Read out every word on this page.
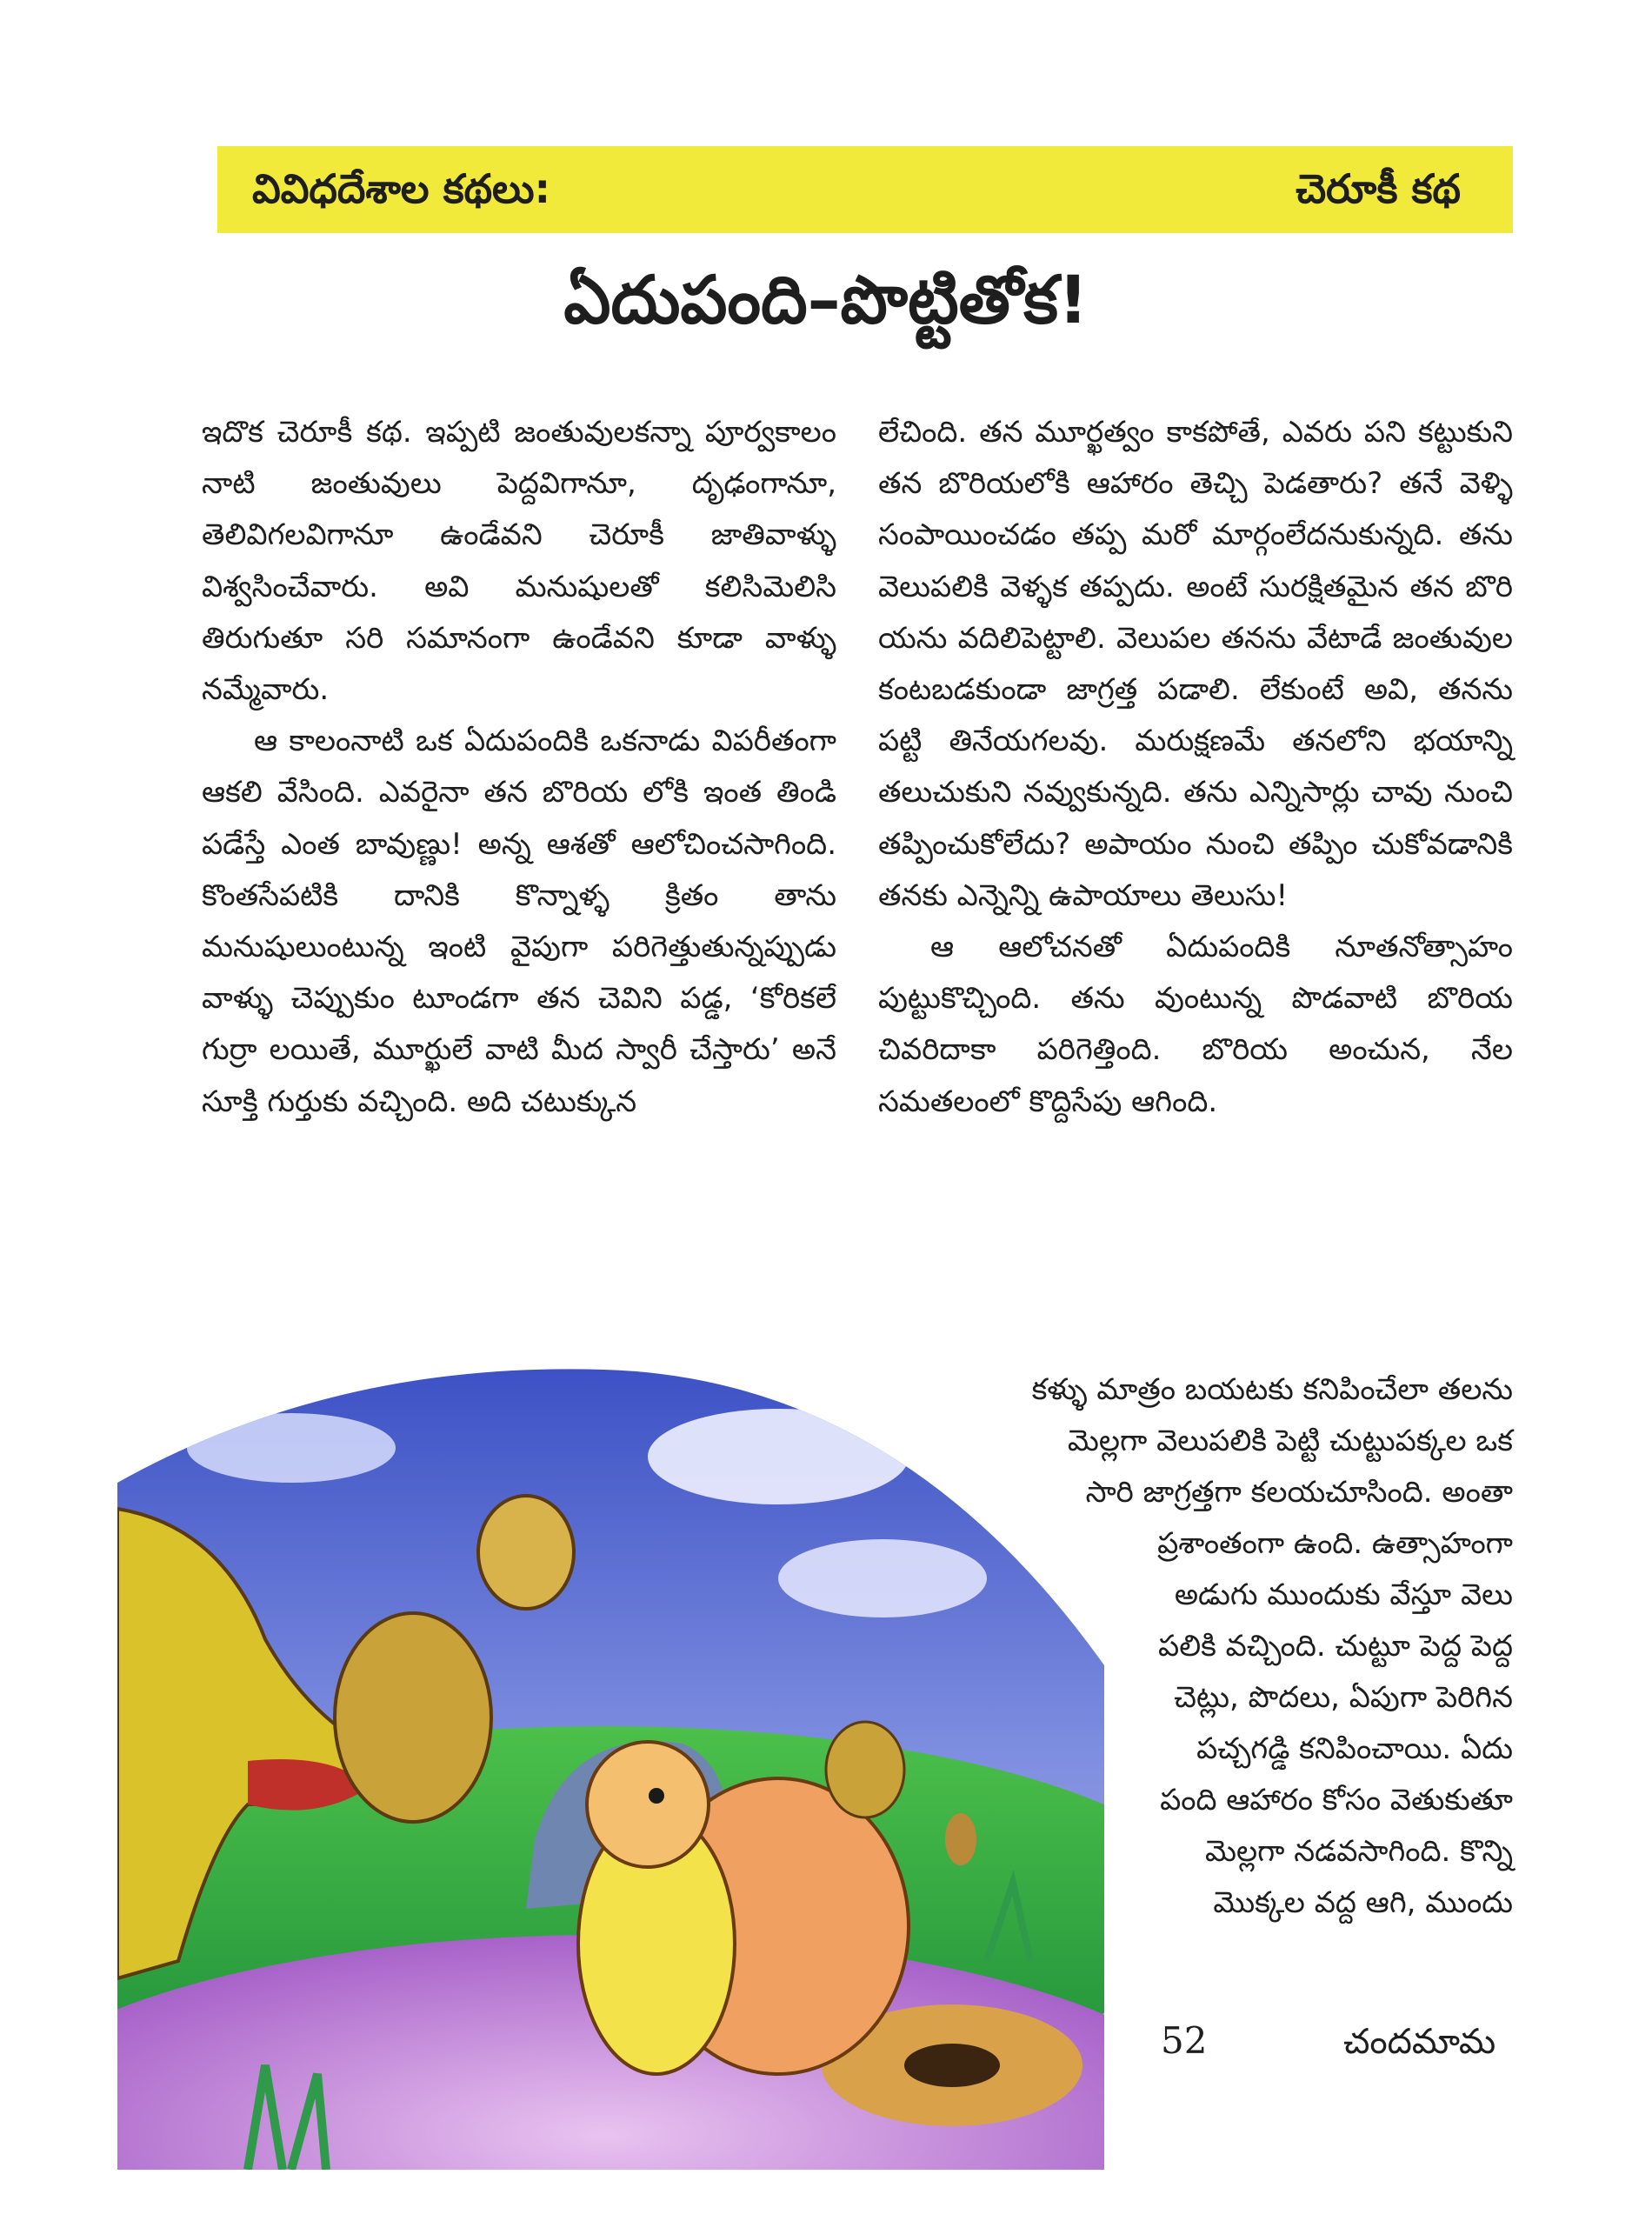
వివిధదేశాల కథలు:	చెరూకీ కథ
ఏదుపంది–పొట్టితోక!

ఇదొక చెరూకీ కథ. ఇప్పటి జంతువులకన్నా పూర్వకాలం నాటి జంతువులు పెద్దవిగానూ, దృఢంగానూ, తెలివిగలవిగానూ ఉండేవని చెరూకీ జాతివాళ్ళు విశ్వసించేవారు. అవి మనుషులతో కలిసిమెలిసి తిరుగుతూ సరి సమానంగా ఉండేవని కూడా వాళ్ళు నమ్మేవారు.

ఆ కాలంనాటి ఒక ఏదుపందికి ఒకనాడు విపరీతంగా ఆకలి వేసింది. ఎవరైనా తన బొరియ లోకి ఇంత తిండి పడేస్తే ఎంత బావుణ్ణు! అన్న ఆశతో ఆలోచించసాగింది. కొంతసేపటికి దానికి కొన్నాళ్ళ క్రితం తాను మనుషులుంటున్న ఇంటి వైపుగా పరిగెత్తుతున్నప్పుడు వాళ్ళు చెప్పుకుం టూండగా తన చెవిని పడ్డ, ‘కోరికలే గుర్రా లయితే, మూర్ఖులే వాటి మీద స్వారీ చేస్తారు’ అనే సూక్తి గుర్తుకు వచ్చింది. అది చటుక్కున

లేచింది. తన మూర్ఖత్వం కాకపోతే, ఎవరు పని కట్టుకుని తన బొరియలోకి ఆహారం తెచ్చి పెడతారు? తనే వెళ్ళి సంపాయించడం తప్ప మరో మార్గంలేదనుకున్నది. తను వెలుపలికి వెళ్ళక తప్పదు. అంటే సురక్షితమైన తన బొరి యను వదిలిపెట్టాలి. వెలుపల తనను వేటాడే జంతువుల కంటబడకుండా జాగ్రత్త పడాలి. లేకుంటే అవి, తనను పట్టి తినేయగలవు. మరుక్షణమే తనలోని భయాన్ని తలుచుకుని నవ్వుకున్నది. తను ఎన్నిసార్లు చావు నుంచి తప్పించుకోలేదు? అపాయం నుంచి తప్పిం చుకోవడానికి తనకు ఎన్నెన్ని ఉపాయాలు తెలుసు!

ఆ ఆలోచనతో ఏదుపందికి నూతనోత్సాహం పుట్టుకొచ్చింది. తను వుంటున్న పొడవాటి బొరియ చివరిదాకా పరిగెత్తింది. బొరియ అంచున, నేల సమతలంలో కొద్దిసేపు ఆగింది.

కళ్ళు మాత్రం బయటకు కనిపించేలా తలను
మెల్లగా వెలుపలికి పెట్టి చుట్టుపక్కల ఒక
సారి జాగ్రత్తగా కలయచూసింది. అంతా
ప్రశాంతంగా ఉంది. ఉత్సాహంగా
అడుగు ముందుకు వేస్తూ వెలు
పలికి వచ్చింది. చుట్టూ పెద్ద పెద్ద
చెట్లు, పొదలు, ఏపుగా పెరిగిన
పచ్చగడ్డి కనిపించాయి. ఏదు
పంది ఆహారం కోసం వెతుకుతూ
మెల్లగా నడవసాగింది. కొన్ని
మొక్కల వద్ద ఆగి, ముందు
52	చందమామ
